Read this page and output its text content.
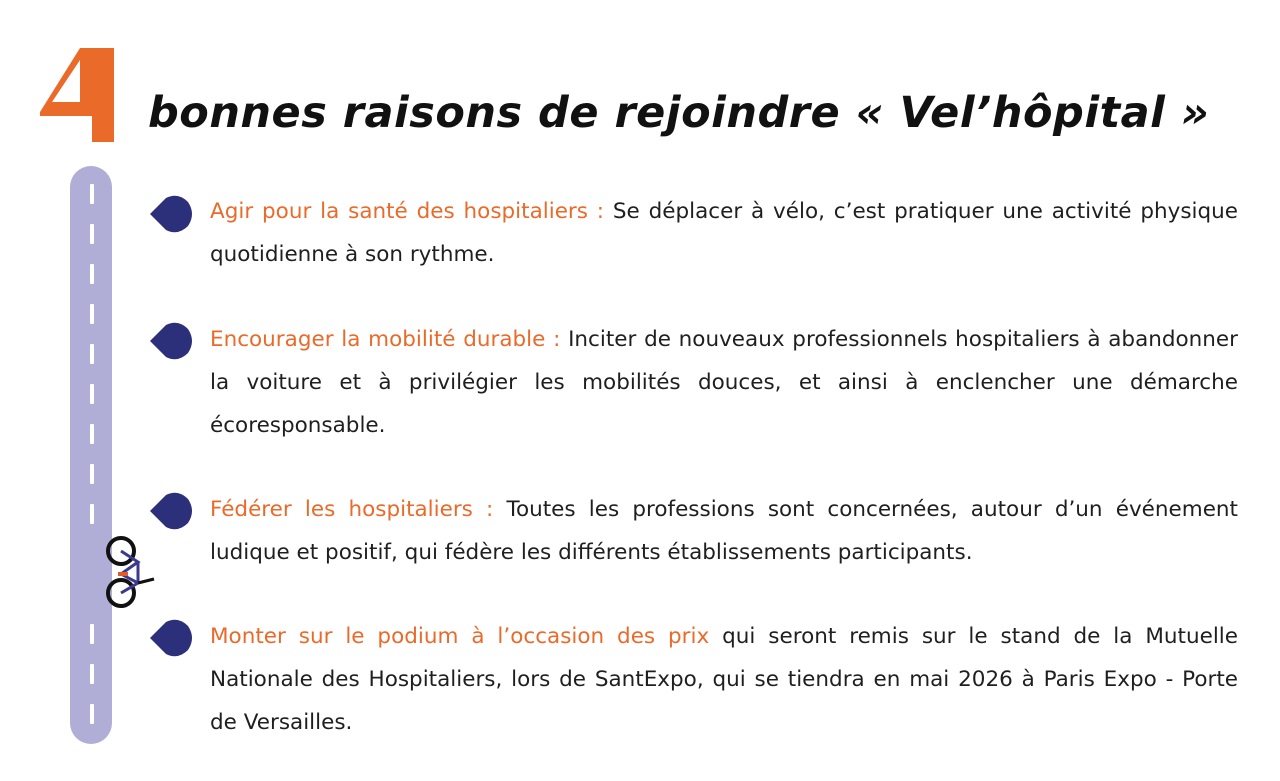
bonnes raisons de rejoindre « Vel’hôpital »
Agir pour la santé des hospitaliers : Se déplacer à vélo, c’est pratiquer une activité physique quotidienne à son rythme.
Encourager la mobilité durable : Inciter de nouveaux professionnels hospitaliers à abandonner la voiture et à privilégier les mobilités douces, et ainsi à enclencher une démarche écoresponsable.
Fédérer les hospitaliers : Toutes les professions sont concernées, autour d’un événement ludique et positif, qui fédère les différents établissements participants.
Monter sur le podium à l’occasion des prix qui seront remis sur le stand de la Mutuelle Nationale des Hospitaliers, lors de SantExpo, qui se tiendra en mai 2026 à Paris Expo - Porte de Versailles.
